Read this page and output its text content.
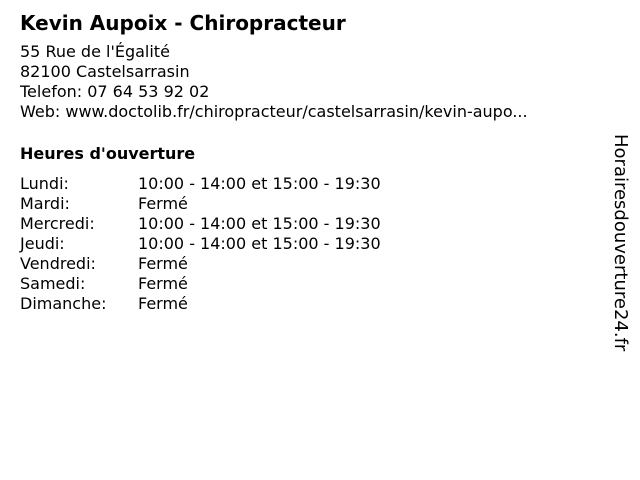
Kevin Aupoix - Chiropracteur
55 Rue de l'Égalité
82100 Castelsarrasin
Telefon: 07 64 53 92 02
Web: www.doctolib.fr/chiropracteur/castelsarrasin/kevin-aupo...
Heures d'ouverture
Lundi:	10:00 - 14:00 et 15:00 - 19:30
Mardi:	Fermé
Mercredi:	10:00 - 14:00 et 15:00 - 19:30
Jeudi:	10:00 - 14:00 et 15:00 - 19:30
Vendredi:	Fermé
Samedi:	Fermé
Dimanche:	Fermé	Horairesdouverture24.fr
